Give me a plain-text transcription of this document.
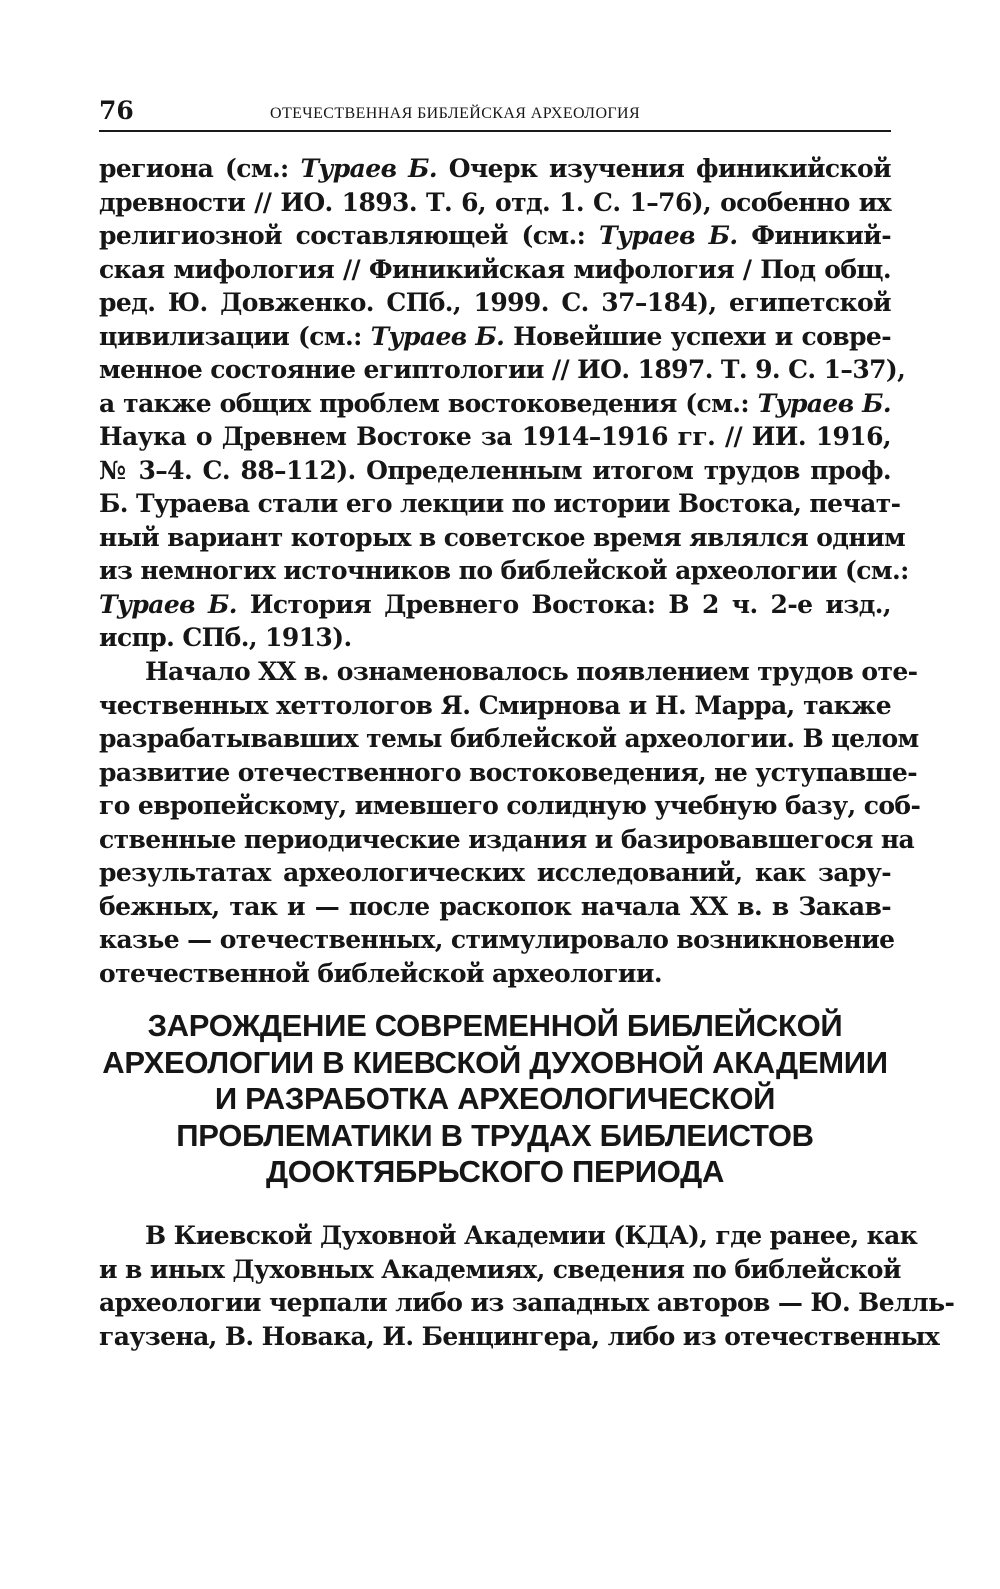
76	ОТЕЧЕСТВЕННАЯ БИБЛЕЙСКАЯ АРХЕОЛОГИЯ
региона (см.: Тураев Б. Очерк изучения финикийской
древности // ИО. 1893. Т. 6, отд. 1. С. 1–76), особенно их
религиозной составляющей (см.: Тураев Б. Финикий-
ская мифология // Финикийская мифология / Под общ.
ред. Ю. Довженко. СПб., 1999. С. 37–184), египетской
цивилизации (см.: Тураев Б. Новейшие успехи и совре-
менное состояние египтологии // ИО. 1897. Т. 9. С. 1–37),
а также общих проблем востоковедения (см.: Тураев Б.
Наука о Древнем Востоке за 1914–1916 гг. // ИИ. 1916,
№ 3–4. С. 88–112). Определенным итогом трудов проф.
Б. Тураева стали его лекции по истории Востока, печат-
ный вариант которых в советское время являлся одним
из немногих источников по библейской археологии (см.:
Тураев Б. История Древнего Востока: В 2 ч. 2-е изд.,
испр. СПб., 1913).
Начало XX в. ознаменовалось появлением трудов оте-
чественных хеттологов Я. Смирнова и Н. Марра, также
разрабатывавших темы библейской археологии. В целом
развитие отечественного востоковедения, не уступавше-
го европейскому, имевшего солидную учебную базу, соб-
ственные периодические издания и базировавшегося на
результатах археологических исследований, как зару-
бежных, так и — после раскопок начала XX в. в Закав-
казье — отечественных, стимулировало возникновение
отечественной библейской археологии.
ЗАРОЖДЕНИЕ СОВРЕМЕННОЙ БИБЛЕЙСКОЙ
АРХЕОЛОГИИ В КИЕВСКОЙ ДУХОВНОЙ АКАДЕМИИ
И РАЗРАБОТКА АРХЕОЛОГИЧЕСКОЙ
ПРОБЛЕМАТИКИ В ТРУДАХ БИБЛЕИСТОВ
ДООКТЯБРЬСКОГО ПЕРИОДА
В Киевской Духовной Академии (КДА), где ранее, как
и в иных Духовных Академиях, сведения по библейской
археологии черпали либо из западных авторов — Ю. Велль-
гаузена, В. Новака, И. Бенцингера, либо из отечественных
